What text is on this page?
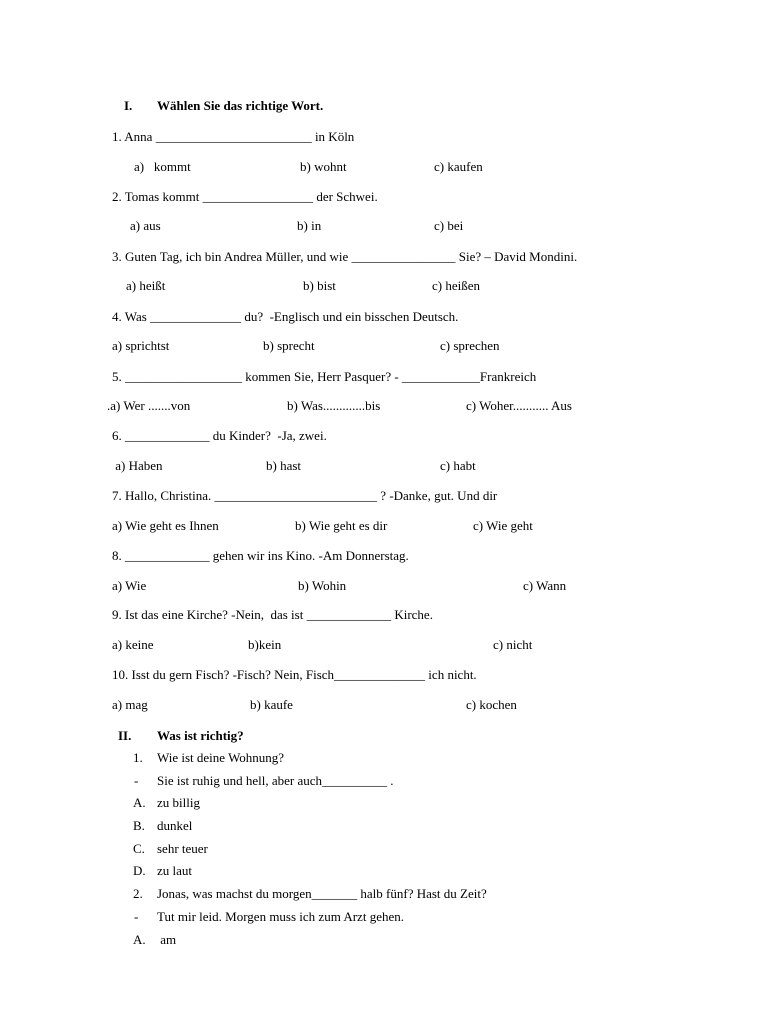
I. Wählen Sie das richtige Wort.
1. Anna ________________________ in Köln
a)   kommt	b) wohnt	c) kaufen
2. Tomas kommt _________________ der Schwei.
a) aus	b) in	c) bei
3. Guten Tag, ich bin Andrea Müller, und wie ________________ Sie? – David Mondini.
a) heißt	b) bist	c) heißen
4. Was ______________ du?  -Englisch und ein bisschen Deutsch.
a) sprichtst	b) sprecht	c) sprechen
5. __________________ kommen Sie, Herr Pasquer? - ____________Frankreich
.a) Wer .......von	b) Was.............bis	c) Woher........... Aus
6. _____________ du Kinder?  -Ja, zwei.
a) Haben	b) hast	c) habt
7. Hallo, Christina. _________________________ ? -Danke, gut. Und dir
a) Wie geht es Ihnen	b) Wie geht es dir	c) Wie geht
8. _____________ gehen wir ins Kino. -Am Donnerstag.
a) Wie	b) Wohin	c) Wann
9. Ist das eine Kirche? -Nein,  das ist _____________ Kirche.
a) keine	b)kein	c) nicht
10. Isst du gern Fisch? -Fisch? Nein, Fisch______________ ich nicht.
a) mag	b) kaufe	c) kochen
II. Was ist richtig?
1. Wie ist deine Wohnung?
- Sie ist ruhig und hell, aber auch__________ .
A. zu billig
B. dunkel
C. sehr teuer
D. zu laut
2. Jonas, was machst du morgen_______ halb fünf? Hast du Zeit?
- Tut mir leid. Morgen muss ich zum Arzt gehen.
A. am
